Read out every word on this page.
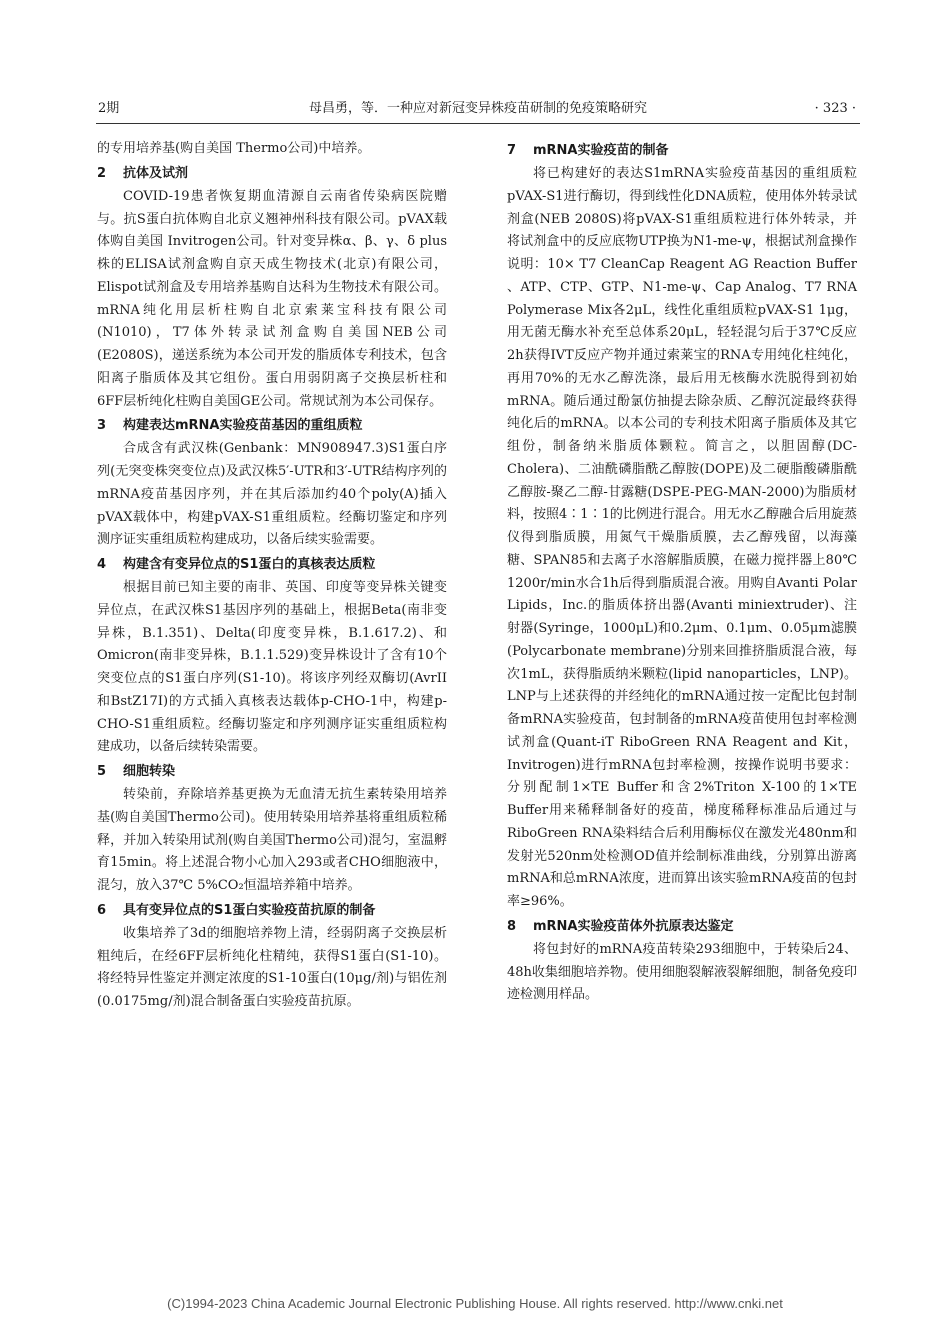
2期	母昌勇，等．一种应对新冠变异株疫苗研制的免疫策略研究	· 323 ·

的专用培养基(购自美国 Thermo公司)中培养。

2 抗体及试剂

COVID-19患者恢复期血清源自云南省传染病医院赠与。抗S蛋白抗体购自北京义翘神州科技有限公司。pVAX载体购自美国 Invitrogen公司。针对变异株α、β、γ、δ plus株的ELISA试剂盒购自京天成生物技术(北京)有限公司，Elispot试剂盒及专用培养基购自达科为生物技术有限公司。mRNA纯化用层析柱购自北京索莱宝科技有限公司(N1010)，T7体外转录试剂盒购自美国NEB公司(E2080S)，递送系统为本公司开发的脂质体专利技术，包含阳离子脂质体及其它组份。蛋白用弱阴离子交换层析柱和6FF层析纯化柱购自美国GE公司。常规试剂为本公司保存。

3 构建表达mRNA实验疫苗基因的重组质粒

合成含有武汉株(Genbank：MN908947.3)S1蛋白序列(无突变株突变位点)及武汉株5′-UTR和3′-UTR结构序列的mRNA疫苗基因序列，并在其后添加约40个poly(A)插入pVAX载体中，构建pVAX-S1重组质粒。经酶切鉴定和序列测序证实重组质粒构建成功，以备后续实验需要。

4 构建含有变异位点的S1蛋白的真核表达质粒

根据目前已知主要的南非、英国、印度等变异株关键变异位点，在武汉株S1基因序列的基础上，根据Beta(南非变异株，B.1.351)、Delta(印度变异株，B.1.617.2)、和Omicron(南非变异株，B.1.1.529)变异株设计了含有10个突变位点的S1蛋白序列(S1-10)。将该序列经双酶切(AvrII和BstZ17I)的方式插入真核表达载体p-CHO-1中，构建p-CHO-S1重组质粒。经酶切鉴定和序列测序证实重组质粒构建成功，以备后续转染需要。

5 细胞转染

转染前，弃除培养基更换为无血清无抗生素转染用培养基(购自美国Thermo公司)。使用转染用培养基将重组质粒稀释，并加入转染用试剂(购自美国Thermo公司)混匀，室温孵育15min。将上述混合物小心加入293或者CHO细胞液中，混匀，放入37℃ 5%CO₂恒温培养箱中培养。

6 具有变异位点的S1蛋白实验疫苗抗原的制备

收集培养了3d的细胞培养物上清，经弱阴离子交换层析粗纯后，在经6FF层析纯化柱精纯，获得S1蛋白(S1-10)。将经特异性鉴定并测定浓度的S1-10蛋白(10μg/剂)与铝佐剂(0.0175mg/剂)混合制备蛋白实验疫苗抗原。

7 mRNA实验疫苗的制备

将已构建好的表达S1mRNA实验疫苗基因的重组质粒pVAX-S1进行酶切，得到线性化DNA质粒，使用体外转录试剂盒(NEB 2080S)将pVAX-S1重组质粒进行体外转录，并将试剂盒中的反应底物UTP换为N1-me-ψ，根据试剂盒操作说明：10× T7 CleanCap Reagent AG Reaction Buffer 、ATP、CTP、GTP、N1-me-ψ、Cap Analog、T7 RNA Polymerase Mix各2μL，线性化重组质粒pVAX-S1 1μg，用无菌无酶水补充至总体系20μL，轻轻混匀后于37℃反应2h获得IVT反应产物并通过索莱宝的RNA专用纯化柱纯化，再用70%的无水乙醇洗涤，最后用无核酶水洗脱得到初始mRNA。随后通过酚氯仿抽提去除杂质、乙醇沉淀最终获得纯化后的mRNA。以本公司的专利技术阳离子脂质体及其它组份，制备纳米脂质体颗粒。简言之，以胆固醇(DC-Cholera)、二油酰磷脂酰乙醇胺(DOPE)及二硬脂酸磷脂酰乙醇胺-聚乙二醇-甘露糖(DSPE-PEG-MAN-2000)为脂质材料，按照4∶1∶1的比例进行混合。用无水乙醇融合后用旋蒸仪得到脂质膜，用氮气干燥脂质膜，去乙醇残留，以海藻糖、SPAN85和去离子水溶解脂质膜，在磁力搅拌器上80℃ 1200r/min水合1h后得到脂质混合液。用购自Avanti Polar Lipids，Inc.的脂质体挤出器(Avanti miniextruder)、注射器(Syringe，1000μL)和0.2μm、0.1μm、0.05μm滤膜(Polycarbonate membrane)分别来回推挤脂质混合液，每次1mL，获得脂质纳米颗粒(lipid nanoparticles，LNP)。LNP与上述获得的并经纯化的mRNA通过按一定配比包封制备mRNA实验疫苗，包封制备的mRNA疫苗使用包封率检测试剂盒(Quant-iT RiboGreen RNA Reagent and Kit，Invitrogen)进行mRNA包封率检测，按操作说明书要求：分别配制1×TE Buffer和含2%Triton X-100的1×TE Buffer用来稀释制备好的疫苗，梯度稀释标准品后通过与RiboGreen RNA染料结合后利用酶标仪在激发光480nm和发射光520nm处检测OD值并绘制标准曲线，分别算出游离mRNA和总mRNA浓度，进而算出该实验mRNA疫苗的包封率≥96%。

8 mRNA实验疫苗体外抗原表达鉴定

将包封好的mRNA疫苗转染293细胞中，于转染后24、48h收集细胞培养物。使用细胞裂解液裂解细胞，制备免疫印迹检测用样品。

(C)1994-2023 China Academic Journal Electronic Publishing House. All rights reserved. http://www.cnki.net
